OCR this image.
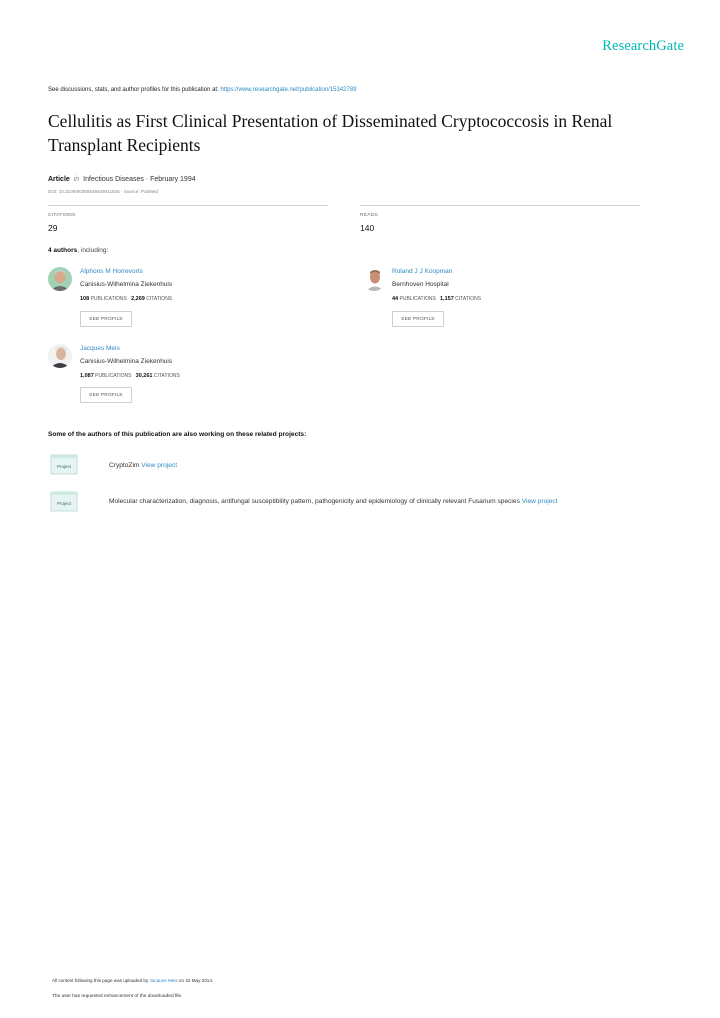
ResearchGate
See discussions, stats, and author profiles for this publication at: https://www.researchgate.net/publication/15342789
Cellulitis as First Clinical Presentation of Disseminated Cryptococcosis in Renal Transplant Recipients
Article in Infectious Diseases · February 1994
DOI: 10.3109/00365549409011825 · Source: PubMed
CITATIONS
29
READS
140
4 authors, including:
Alphons M Horrevorts
Canisius-Wilhelmina Ziekenhuis
108 PUBLICATIONS 2,269 CITATIONS
SEE PROFILE
Roland J J Koopman
Bernhoven Hospital
44 PUBLICATIONS 1,157 CITATIONS
SEE PROFILE
Jacques Meis
Canisius-Wilhelmina Ziekenhuis
1,087 PUBLICATIONS 30,261 CITATIONS
SEE PROFILE
Some of the authors of this publication are also working on these related projects:
Project	CryptoZim View project
Project	Molecular characterization, diagnosis, antifungal susceptibility pattern, pathogenicity and epidemiology of clinically relevant Fusarium species View project
All content following this page was uploaded by Jacques Meis on 22 May 2014.
The user has requested enhancement of the downloaded file.
